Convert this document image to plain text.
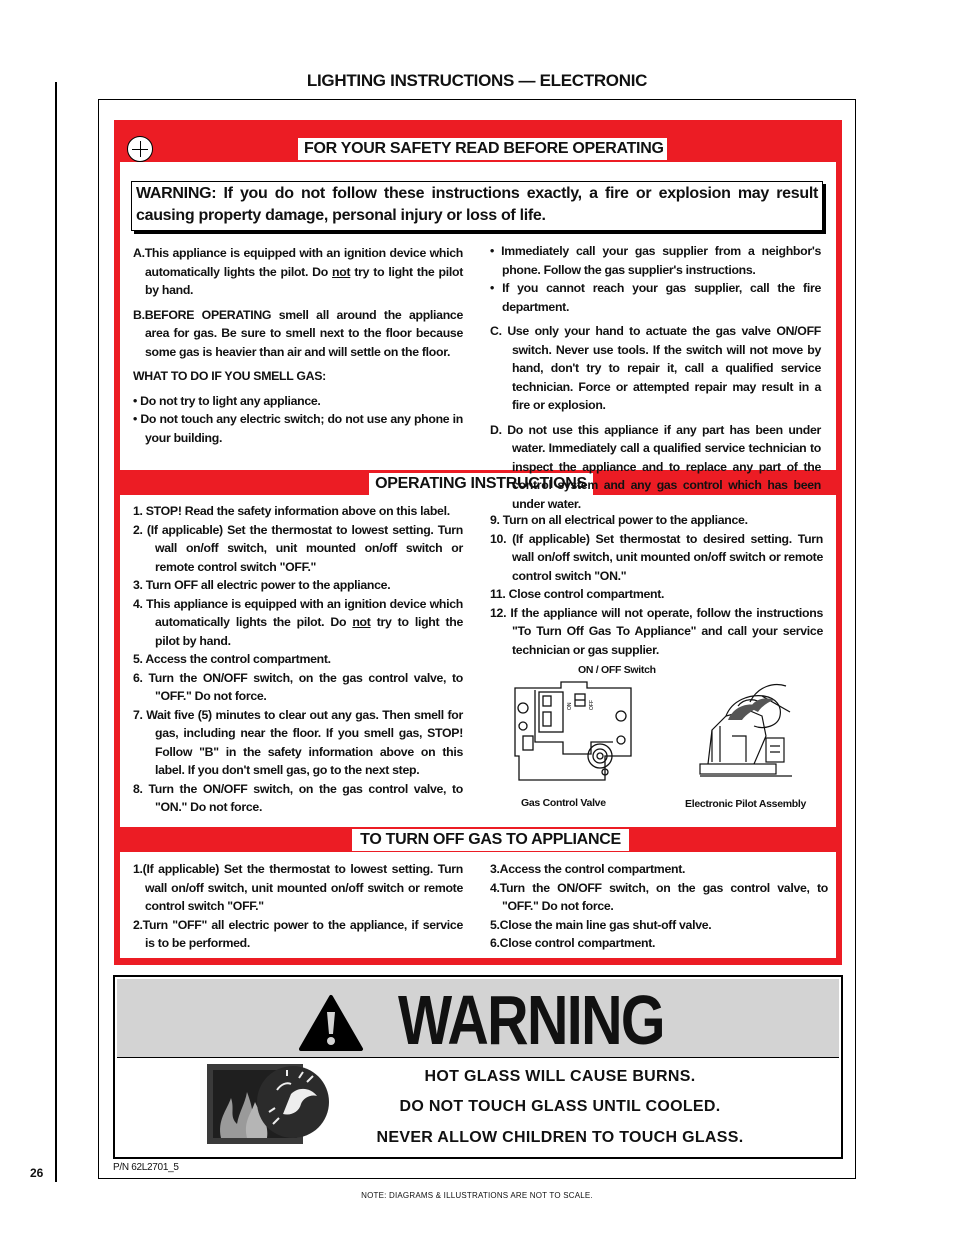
26
LIGHTING INSTRUCTIONS — ELECTRONIC
FOR YOUR SAFETY READ BEFORE OPERATING
OPERATING INSTRUCTIONS
TO TURN OFF GAS TO APPLIANCE
WARNING: If you do not follow these instructions exactly, a fire or explosion may result causing property damage, personal injury or loss of life.

A.This appliance is equipped with an ignition device which automatically lights the pilot. Do not try to light the pilot by hand.

B.BEFORE OPERATING smell all around the appliance area for gas. Be sure to smell next to the floor because some gas is heavier than air and will settle on the floor.

WHAT TO DO IF YOU SMELL GAS:

• Do not try to light any appliance.

• Do not touch any electric switch; do not use any phone in your building.

• Immediately call your gas supplier from a neighbor's phone. Follow the gas supplier's instructions.

• If you cannot reach your gas supplier, call the fire department.

C. Use only your hand to actuate the gas valve ON/OFF switch. Never use tools. If the switch will not move by hand, don't try to repair it, call a qualified service technician. Force or attempted repair may result in a fire or explosion.

D. Do not use this appliance if any part has been under water. Immediately call a qualified service technician to inspect the appliance and to replace any part of the control system and any gas control which has been under water.

1. STOP! Read the safety information above on this label.

2. (If applicable) Set the thermostat to lowest setting. Turn wall on/off switch, unit mounted on/off switch or remote control switch "OFF."

3. Turn OFF all electric power to the appliance.

4. This appliance is equipped with an ignition device which automatically lights the pilot. Do not try to light the pilot by hand.

5. Access the control compartment.

6. Turn the ON/OFF switch, on the gas control valve, to "OFF." Do not force.

7. Wait five (5) minutes to clear out any gas. Then smell for gas, including near the floor. If you smell gas, STOP! Follow "B" in the safety information above on this label. If you don't smell gas, go to the next step.

8. Turn the ON/OFF switch, on the gas control valve, to "ON." Do not force.

9. Turn on all electrical power to the appliance.

10. (If applicable) Set thermostat to desired setting. Turn wall on/off switch, unit mounted on/off switch or remote control switch "ON."

11. Close control compartment.

12. If the appliance will not operate, follow the instructions "To Turn Off Gas To Appliance" and call your service technician or gas supplier.

ON / OFF Switch
ON	OFF
Gas Control Valve	Electronic Pilot Assembly

1.(If applicable) Set the thermostat to lowest setting. Turn wall on/off switch, unit mounted on/off switch or remote control switch "OFF."

2.Turn "OFF" all electric power to the appliance, if service is to be performed.

3.Access the control compartment.

4.Turn the ON/OFF switch, on the gas control valve, to "OFF." Do not force.

5.Close the main line gas shut-off valve.

6.Close control compartment.

WARNING
HOT GLASS WILL CAUSE BURNS.
DO NOT TOUCH GLASS UNTIL COOLED.
NEVER ALLOW CHILDREN TO TOUCH GLASS.
P/N 62L2701_5
NOTE: DIAGRAMS & ILLUSTRATIONS ARE NOT TO SCALE.
